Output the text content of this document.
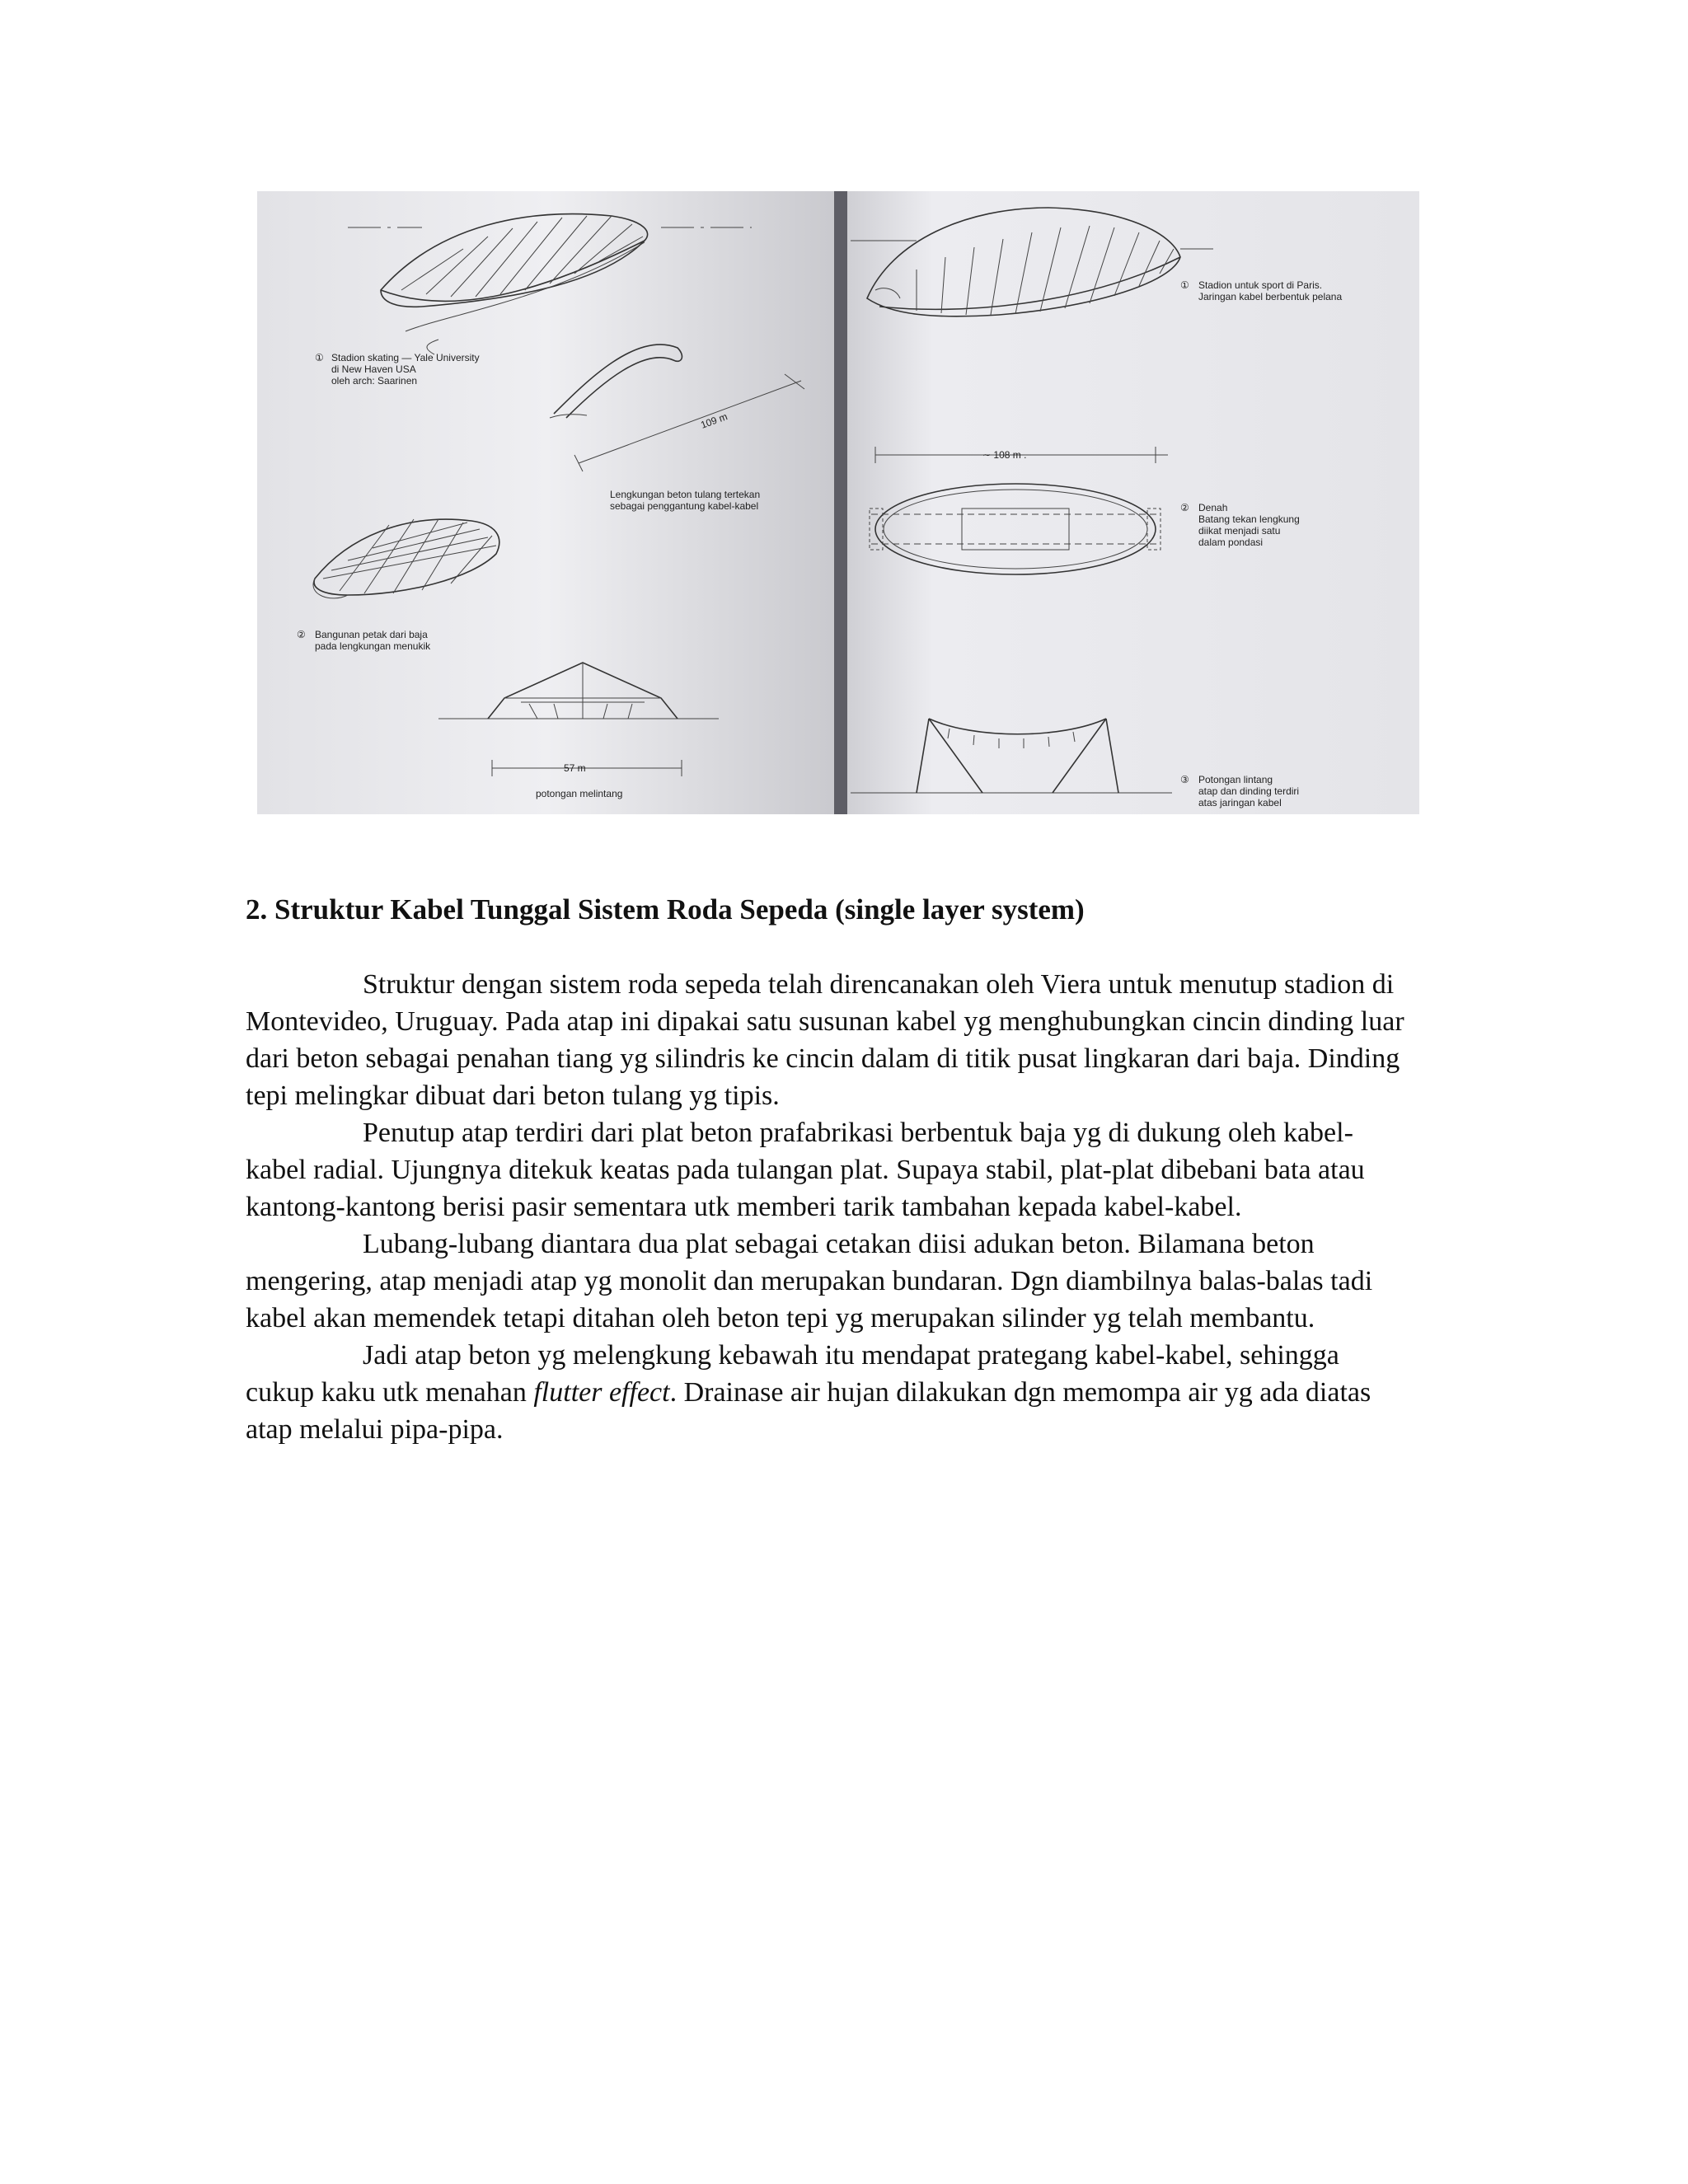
① Stadion skating — Yale University
di New Haven USA
oleh arch: Saarinen
109 m
Lengkungan beton tulang tertekan
sebagai penggantung kabel-kabel
② Bangunan petak dari baja
pada lengkungan menukik
57 m
potongan melintang
① Stadion untuk sport di Paris.
Jaringan kabel berbentuk pelana
∼ 108 m .
② Denah
Batang tekan lengkung
diikat menjadi satu
dalam pondasi
③ Potongan lintang
atap dan dinding terdiri
atas jaringan kabel
2. Struktur Kabel Tunggal Sistem Roda Sepeda (single layer system)

Struktur dengan sistem roda sepeda telah direncanakan oleh Viera untuk menutup stadion di Montevideo, Uruguay. Pada atap ini dipakai satu susunan kabel yg menghubungkan cincin dinding luar dari beton sebagai penahan tiang yg silindris ke cincin dalam di titik pusat lingkaran dari baja. Dinding tepi melingkar dibuat dari beton tulang yg tipis.

Penutup atap terdiri dari plat beton prafabrikasi berbentuk baja yg di dukung oleh kabel-kabel radial. Ujungnya ditekuk keatas pada tulangan plat. Supaya stabil, plat-plat dibebani bata atau kantong-kantong berisi pasir sementara utk memberi tarik tambahan kepada kabel-kabel.

Lubang-lubang diantara dua plat sebagai cetakan diisi adukan beton. Bilamana beton mengering, atap menjadi atap yg monolit dan merupakan bundaran. Dgn diambilnya balas-balas tadi kabel akan memendek tetapi ditahan oleh beton tepi yg merupakan silinder yg telah membantu.

Jadi atap beton yg melengkung kebawah itu mendapat prategang kabel-kabel, sehingga cukup kaku utk menahan flutter effect. Drainase air hujan dilakukan dgn memompa air yg ada diatas atap melalui pipa-pipa.
